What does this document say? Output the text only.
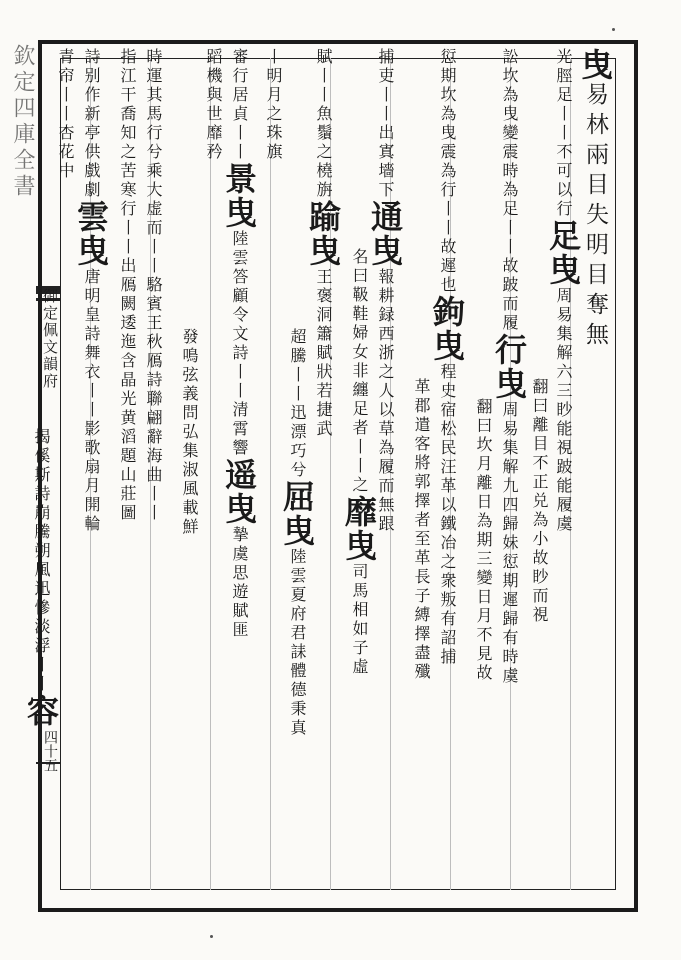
欽定四庫全書
御定佩文韻府
四十五
曳易林兩目失明目奪無
光脛足丨丨不可以行足曳周易集解六三眇能視跛能履虞
翻曰離目不正兑為小故眇而視
訟坎為曳變震時為足丨丨故跛而履行曳周易集解九四歸妹愆期遲歸有時虞
翻曰坎月離日為期三變日月不見故
愆期坎為曳震為行丨丨故遲也鉤曳程史宿松民汪革以鐵冶之衆叛有詔捕
革郡遣客將郭擇者至革長子縛擇盡殲
捕吏丨丨出寘墻下通曳報耕録西浙之人以草為履而無跟
名曰靸鞋婦女非纏足者丨丨之靡曳司馬相如子虛
賦丨丨魚鬚之橈旃踰曳王褒洞簫賦狀若捷武
超騰丨丨迅漂巧兮屈曳陸雲夏府君誄體德秉真
丨明月之珠旗
審行居貞丨丨景曳陸雲答顧令文詩丨丨清霄響遥曳摯虞思遊賦匪
蹈機與世靡矜
發鳴弦義問弘集淑風載鮮
時運其馬行兮乘大虚而丨丨駱賓王秋鴈詩聯翩辭海曲丨丨
指江干喬知之苦寒行丨丨出鴈闕逶迤含晶光黄滔題山莊圖
詩别作新亭供戲劇雲曳唐明皇詩舞衣丨丨影歌扇月開輪
青帘丨丨杏花中
揭傒斯詩崩騰朔風迅慘淡浮丨丨容
